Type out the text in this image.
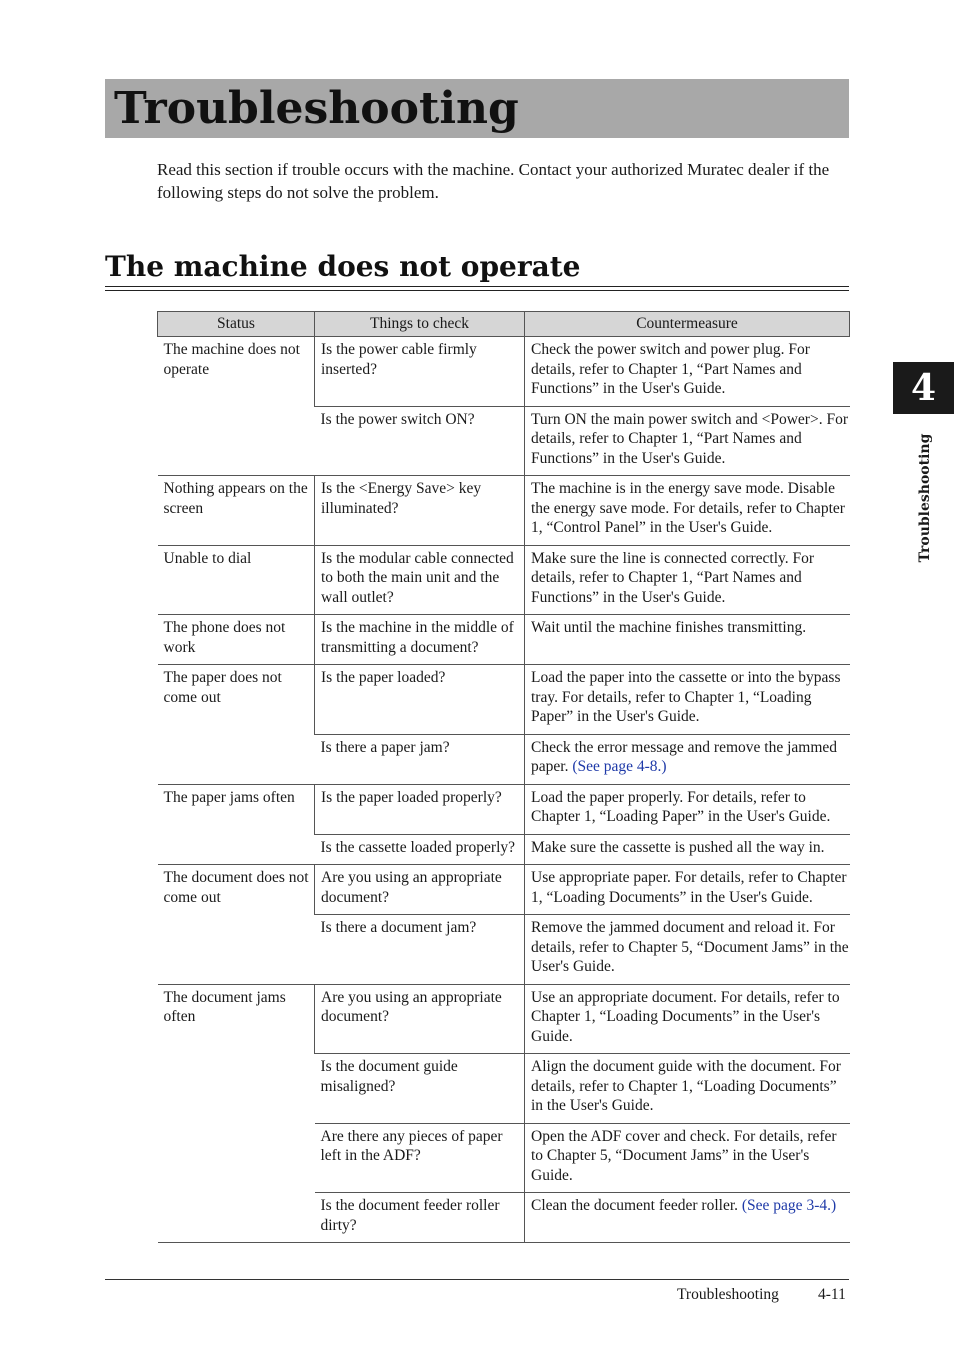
Troubleshooting

Read this section if trouble occurs with the machine. Contact your authorized Muratec dealer if the following steps do not solve the problem.

The machine does not operate
4
Troubleshooting
Status	Things to check	Countermeasure
The machine does not operate	Is the power cable firmly inserted?	Check the power switch and power plug. For details, refer to Chapter 1, “Part Names and Functions” in the User's Guide.
	Is the power switch ON?	Turn ON the main power switch and <Power>. For details, refer to Chapter 1, “Part Names and Functions” in the User's Guide.
Nothing appears on the screen	Is the <Energy Save> key illuminated?	The machine is in the energy save mode. Disable the energy save mode. For details, refer to Chapter 1, “Control Panel” in the User's Guide.
Unable to dial	Is the modular cable connected to both the main unit and the wall outlet?	Make sure the line is connected correctly. For details, refer to Chapter 1, “Part Names and Functions” in the User's Guide.
The phone does not work	Is the machine in the middle of transmitting a document?	Wait until the machine finishes transmitting.
The paper does not come out	Is the paper loaded?	Load the paper into the cassette or into the bypass tray. For details, refer to Chapter 1, “Loading Paper” in the User's Guide.
	Is there a paper jam?	Check the error message and remove the jammed paper. (See page 4-8.)
The paper jams often	Is the paper loaded properly?	Load the paper properly. For details, refer to Chapter 1, “Loading Paper” in the User's Guide.
	Is the cassette loaded properly?	Make sure the cassette is pushed all the way in.
The document does not come out	Are you using an appropriate document?	Use appropriate paper. For details, refer to Chapter 1, “Loading Documents” in the User's Guide.
	Is there a document jam?	Remove the jammed document and reload it. For details, refer to Chapter 5, “Document Jams” in the User's Guide.
The document jams often	Are you using an appropriate document?	Use an appropriate document. For details, refer to Chapter 1, “Loading Documents” in the User's Guide.
	Is the document guide misaligned?	Align the document guide with the document. For details, refer to Chapter 1, “Loading Documents” in the User's Guide.
	Are there any pieces of paper left in the ADF?	Open the ADF cover and check. For details, refer to Chapter 5, “Document Jams” in the User's Guide.
	Is the document feeder roller dirty?	Clean the document feeder roller. (See page 3-4.)
Troubleshooting	4-11
